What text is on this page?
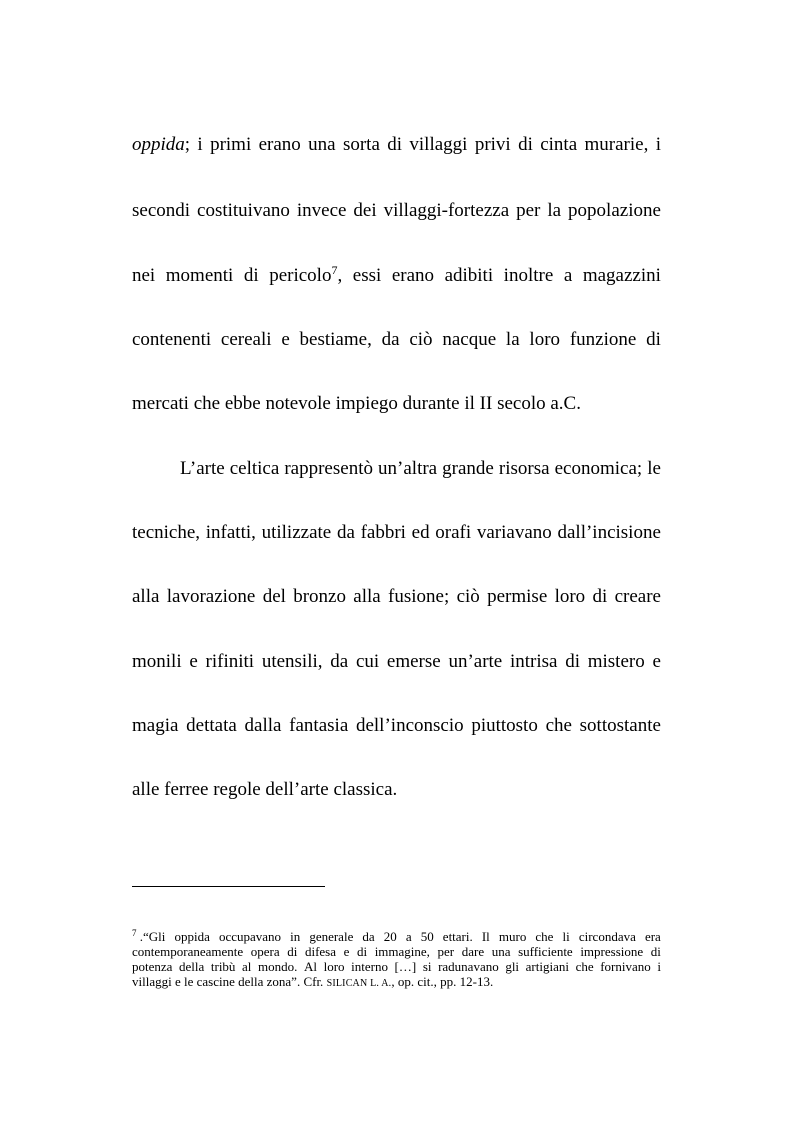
oppida; i primi erano una sorta di villaggi privi di cinta murarie, i
secondi costituivano invece dei villaggi-fortezza per la popolazione
nei momenti di pericolo$^7$, essi erano adibiti inoltre a magazzini
contenenti cereali e bestiame, da ciò nacque la loro funzione di
mercati che ebbe notevole impiego durante il II secolo a.C.
L’arte celtica rappresentò un’altra grande risorsa economica; le
tecniche, infatti, utilizzate da fabbri ed orafi variavano dall’incisione
alla lavorazione del bronzo alla fusione; ciò permise loro di creare
monili e rifiniti utensili, da cui emerse un’arte intrisa di mistero e
magia dettata dalla fantasia dell’inconscio piuttosto che sottostante
alle ferree regole dell’arte classica.
$^7$ .“Gli oppida occupavano in generale da 20 a 50 ettari. Il muro che li circondava era
contemporaneamente opera di difesa e di immagine, per dare una sufficiente impressione di
potenza della tribù al mondo. Al loro interno […] si radunavano gli artigiani che fornivano i
villaggi e le cascine della zona”. Cfr. SILICAN L. A., op. cit., pp. 12-13.
